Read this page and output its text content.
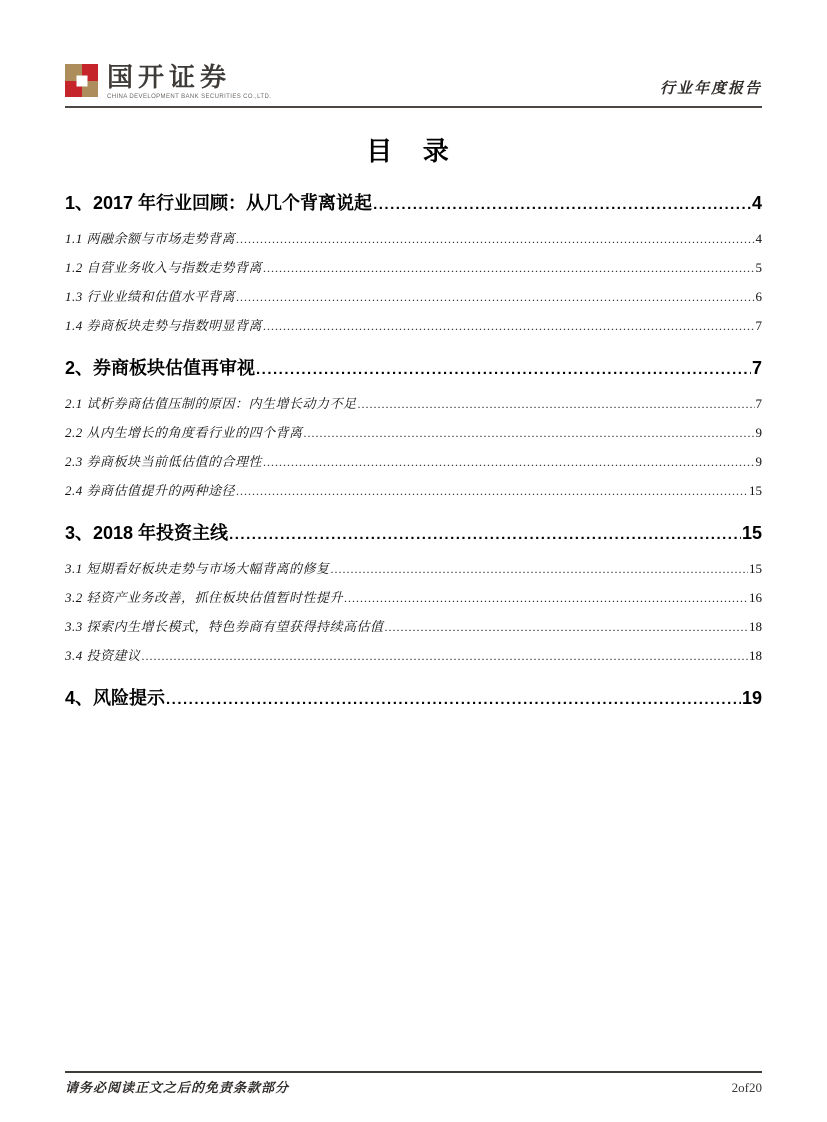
国开证券
CHINA DEVELOPMENT BANK SECURITIES CO.,LTD.	行业年度报告
目 录
1、2017 年行业回顾：从几个背离说起 .....	4
1.1 两融余额与市场走势背离 .....	4
1.2 自营业务收入与指数走势背离 .....	5
1.3 行业业绩和估值水平背离 .....	6
1.4 券商板块走势与指数明显背离 .....	7
2、券商板块估值再审视 .....	7
2.1 试析券商估值压制的原因：内生增长动力不足 .....	7
2.2 从内生增长的角度看行业的四个背离 .....	9
2.3 券商板块当前低估值的合理性 .....	9
2.4 券商估值提升的两种途径 .....	15
3、2018 年投资主线 .....	15
3.1 短期看好板块走势与市场大幅背离的修复 .....	15
3.2 轻资产业务改善，抓住板块估值暂时性提升 .....	16
3.3 探索内生增长模式，特色券商有望获得持续高估值 .....	18
3.4 投资建议 .....	18
4、风险提示 .....	19
请务必阅读正文之后的免责条款部分	2of20
